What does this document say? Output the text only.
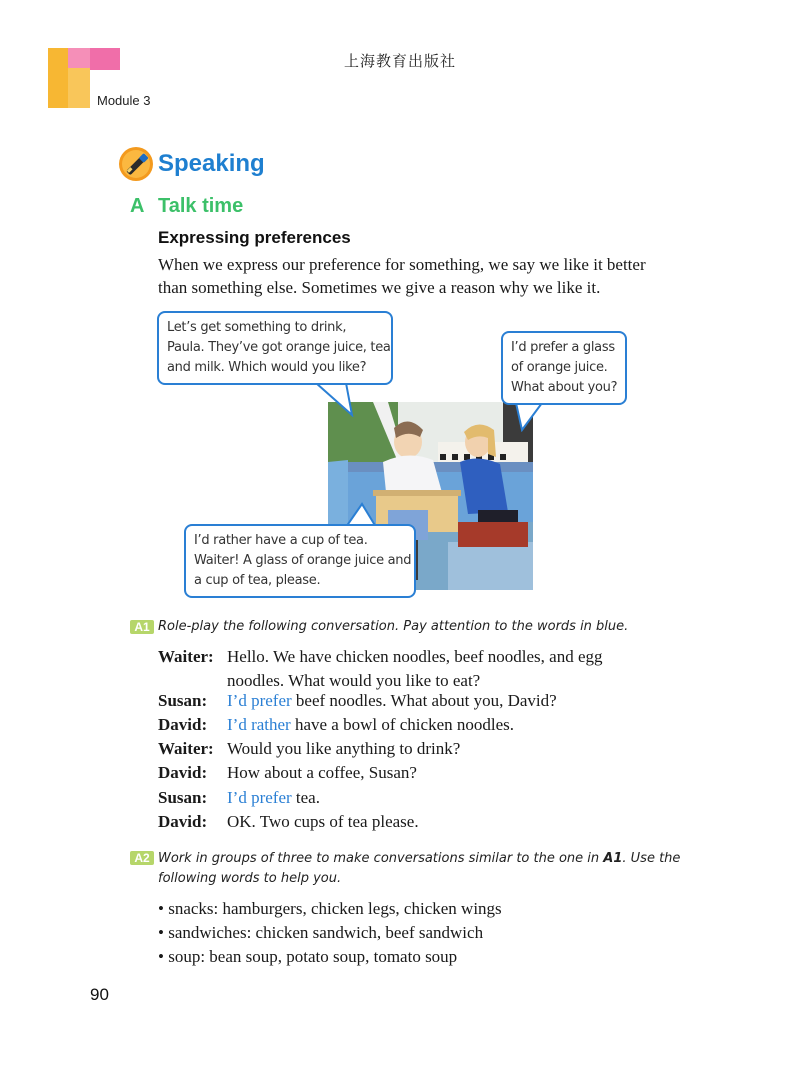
上海教育出版社
Module 3
Speaking
A Talk time
Expressing preferences
When we express our preference for something, we say we like it better
than something else. Sometimes we give a reason why we like it.
Let’s get something to drink,
Paula. They’ve got orange juice, tea
and milk. Which would you like?
I’d prefer a glass
of orange juice.
What about you?
I’d rather have a cup of tea.
Waiter! A glass of orange juice and
a cup of tea, please.
A1 Role-play the following conversation. Pay attention to the words in blue.
Waiter: Hello. We have chicken noodles, beef noodles, and egg
noodles. What would you like to eat?
Susan: I’d prefer beef noodles. What about you, David?
David: I’d rather have a bowl of chicken noodles.
Waiter: Would you like anything to drink?
David: How about a coffee, Susan?
Susan: I’d prefer tea.
David: OK. Two cups of tea please.
A2 Work in groups of three to make conversations similar to the one in A1. Use the
following words to help you.
• snacks: hamburgers, chicken legs, chicken wings
• sandwiches: chicken sandwich, beef sandwich
• soup: bean soup, potato soup, tomato soup
90
